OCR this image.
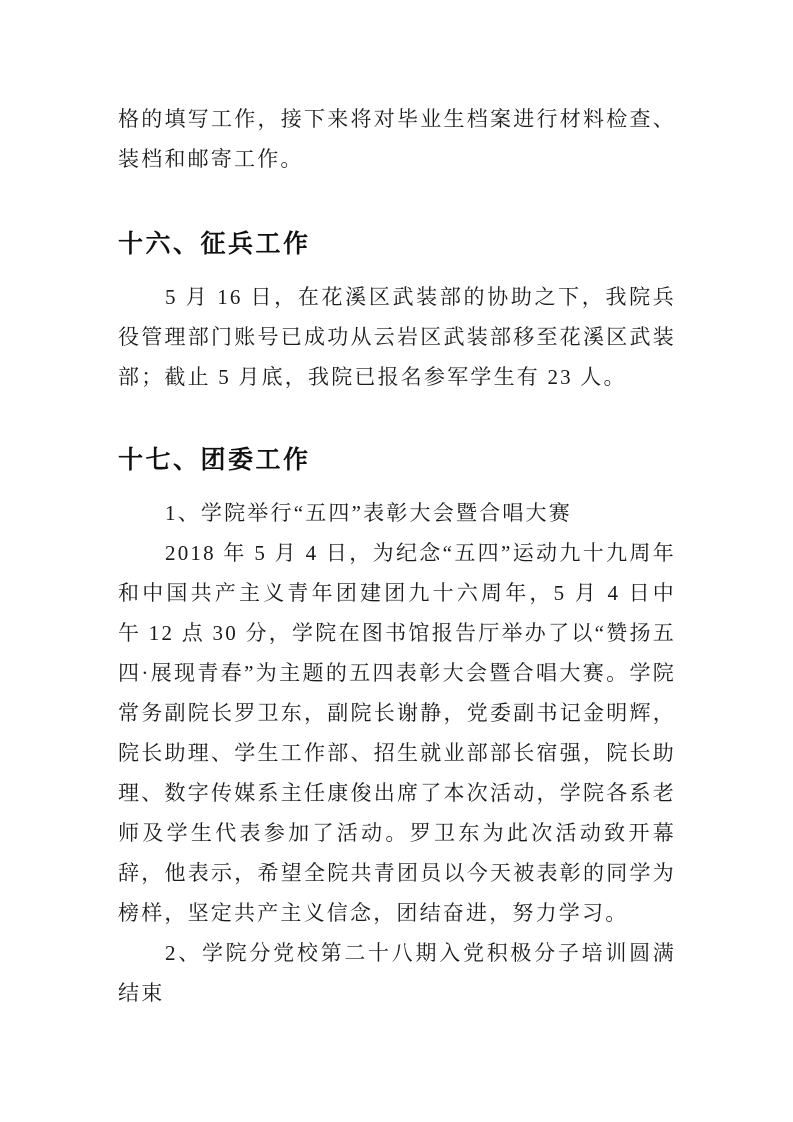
格的填写工作，接下来将对毕业生档案进行材料检查、装档和邮寄工作。

十六、征兵工作

5 月 16 日，在花溪区武装部的协助之下，我院兵役管理部门账号已成功从云岩区武装部移至花溪区武装部；截止 5 月底，我院已报名参军学生有 23 人。

十七、团委工作

1、学院举行“五四”表彰大会暨合唱大赛

2018 年 5 月 4 日，为纪念“五四”运动九十九周年和中国共产主义青年团建团九十六周年，5 月 4 日中午 12 点 30 分，学院在图书馆报告厅举办了以“赞扬五四·展现青春”为主题的五四表彰大会暨合唱大赛。学院常务副院长罗卫东，副院长谢静，党委副书记金明辉，院长助理、学生工作部、招生就业部部长宿强，院长助理、数字传媒系主任康俊出席了本次活动，学院各系老师及学生代表参加了活动。罗卫东为此次活动致开幕辞，他表示，希望全院共青团员以今天被表彰的同学为榜样，坚定共产主义信念，团结奋进，努力学习。

2、学院分党校第二十八期入党积极分子培训圆满结束
